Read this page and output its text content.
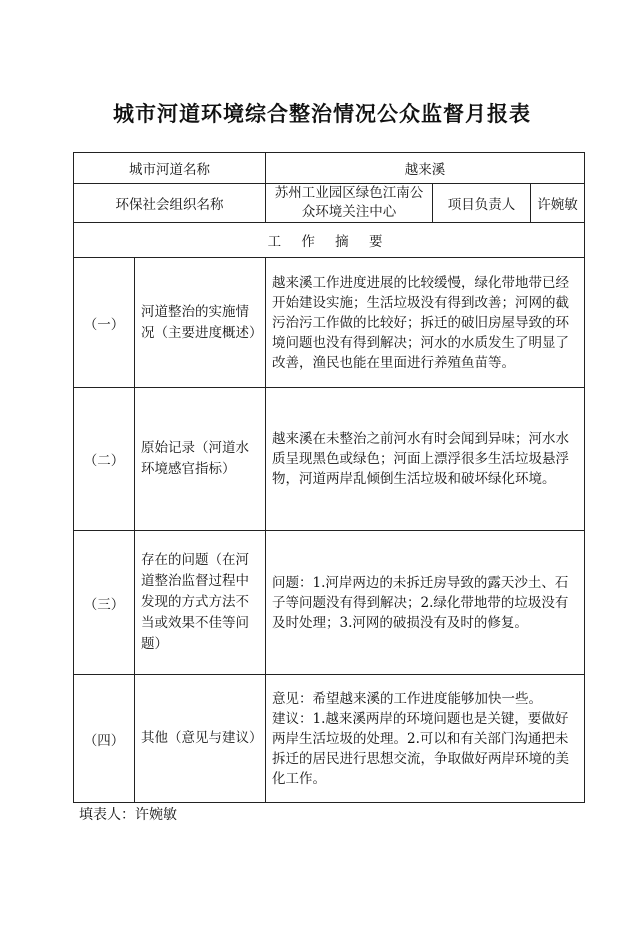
城市河道环境综合整治情况公众监督月报表
城市河道名称		越来溪		
环保社会组织名称		苏州工业园区绿色江南公众环境关注中心	项目负责人	许婉敏
工 作 摘 要				
（一）	河道整治的实施情况（主要进度概述）	越来溪工作进度进展的比较缓慢，绿化带地带已经开始建设实施；生活垃圾没有得到改善；河网的截污治污工作做的比较好；拆迁的破旧房屋导致的环境问题也没有得到解决；河水的水质发生了明显了改善，渔民也能在里面进行养殖鱼苗等。		
（二）	原始记录（河道水环境感官指标）	越来溪在未整治之前河水有时会闻到异味；河水水质呈现黑色或绿色；河面上漂浮很多生活垃圾悬浮物，河道两岸乱倾倒生活垃圾和破坏绿化环境。		
（三）	存在的问题（在河道整治监督过程中发现的方式方法不当或效果不佳等问题）	问题：1.河岸两边的未拆迁房导致的露天沙土、石子等问题没有得到解决；2.绿化带地带的垃圾没有及时处理；3.河网的破损没有及时的修复。		
（四）	其他（意见与建议）	意见：希望越来溪的工作进度能够加快一些。
建议：1.越来溪两岸的环境问题也是关键，要做好两岸生活垃圾的处理。2.可以和有关部门沟通把未拆迁的居民进行思想交流，争取做好两岸环境的美化工作。		
填表人：许婉敏
